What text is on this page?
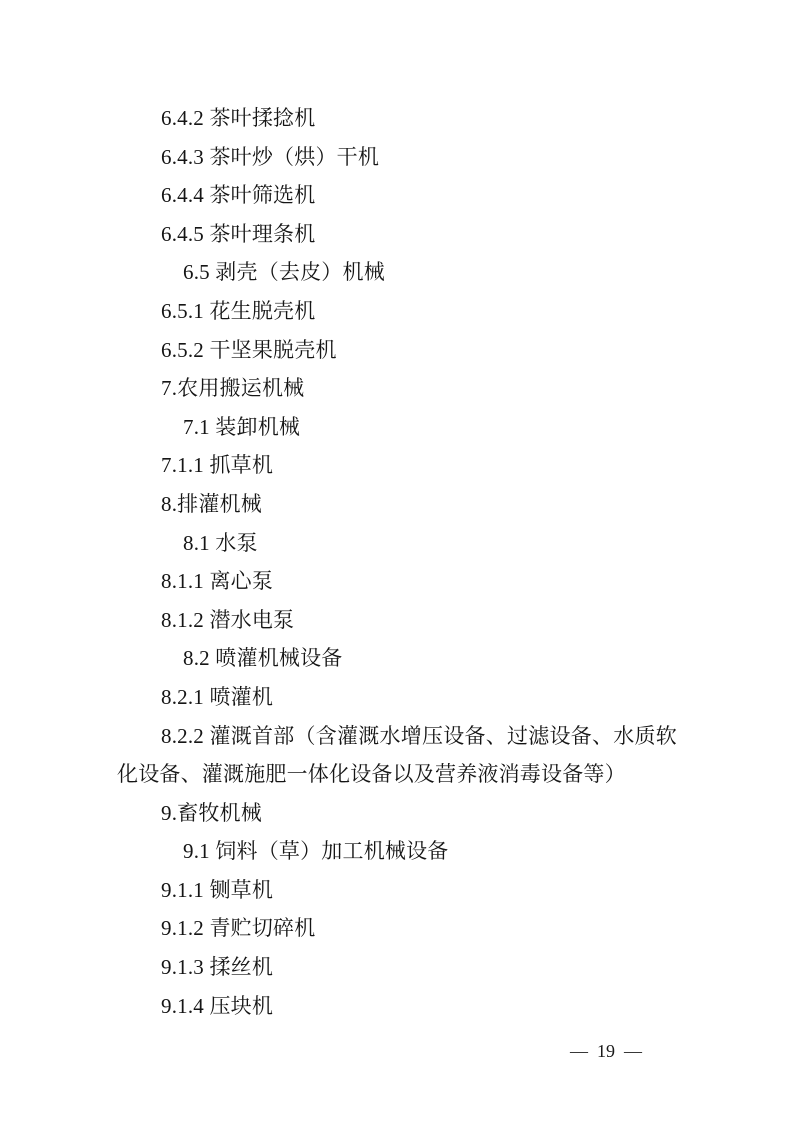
6.4.2 茶叶揉捻机
6.4.3 茶叶炒（烘）干机
6.4.4 茶叶筛选机
6.4.5 茶叶理条机
6.5 剥壳（去皮）机械
6.5.1 花生脱壳机
6.5.2 干坚果脱壳机
7.农用搬运机械
7.1 装卸机械
7.1.1 抓草机
8.排灌机械
8.1 水泵
8.1.1 离心泵
8.1.2 潜水电泵
8.2 喷灌机械设备
8.2.1 喷灌机
8.2.2 灌溉首部（含灌溉水增压设备、过滤设备、水质软化设备、灌溉施肥一体化设备以及营养液消毒设备等）
9.畜牧机械
9.1 饲料（草）加工机械设备
9.1.1 铡草机
9.1.2 青贮切碎机
9.1.3 揉丝机
9.1.4 压块机
— 19 —
